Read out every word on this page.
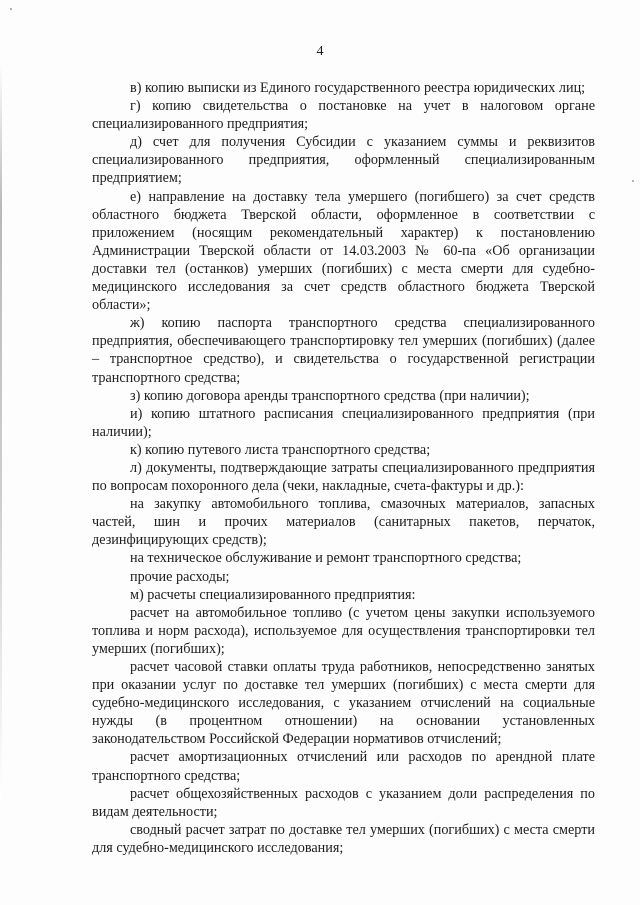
4

в) копию выписки из Единого государственного реестра юридических лиц;

г) копию свидетельства о постановке на учет в налоговом органе специализированного предприятия;

д) счет для получения Субсидии с указанием суммы и реквизитов специализированного предприятия, оформленный специализированным предприятием;

е) направление на доставку тела умершего (погибшего) за счет средств областного бюджета Тверской области, оформленное в соответствии с приложением (носящим рекомендательный характер) к постановлению Администрации Тверской области от 14.03.2003 № 60-па «Об организации доставки тел (останков) умерших (погибших) с места смерти для судебно-медицинского исследования за счет средств областного бюджета Тверской области»;

ж) копию паспорта транспортного средства специализированного предприятия, обеспечивающего транспортировку тел умерших (погибших) (далее – транспортное средство), и свидетельства о государственной регистрации транспортного средства;

з) копию договора аренды транспортного средства (при наличии);

и) копию штатного расписания специализированного предприятия (при наличии);

к) копию путевого листа транспортного средства;

л) документы, подтверждающие затраты специализированного предприятия по вопросам похоронного дела (чеки, накладные, счета-фактуры и др.):

на закупку автомобильного топлива, смазочных материалов, запасных частей, шин и прочих материалов (санитарных пакетов, перчаток, дезинфицирующих средств);

на техническое обслуживание и ремонт транспортного средства;

прочие расходы;

м) расчеты специализированного предприятия:

расчет на автомобильное топливо (с учетом цены закупки используемого топлива и норм расхода), используемое для осуществления транспортировки тел умерших (погибших);

расчет часовой ставки оплаты труда работников, непосредственно занятых при оказании услуг по доставке тел умерших (погибших) с места смерти для судебно-медицинского исследования, с указанием отчислений на социальные нужды (в процентном отношении) на основании установленных законодательством Российской Федерации нормативов отчислений;

расчет амортизационных отчислений или расходов по арендной плате транспортного средства;

расчет общехозяйственных расходов с указанием доли распределения по видам деятельности;

сводный расчет затрат по доставке тел умерших (погибших) с места смерти для судебно-медицинского исследования;
